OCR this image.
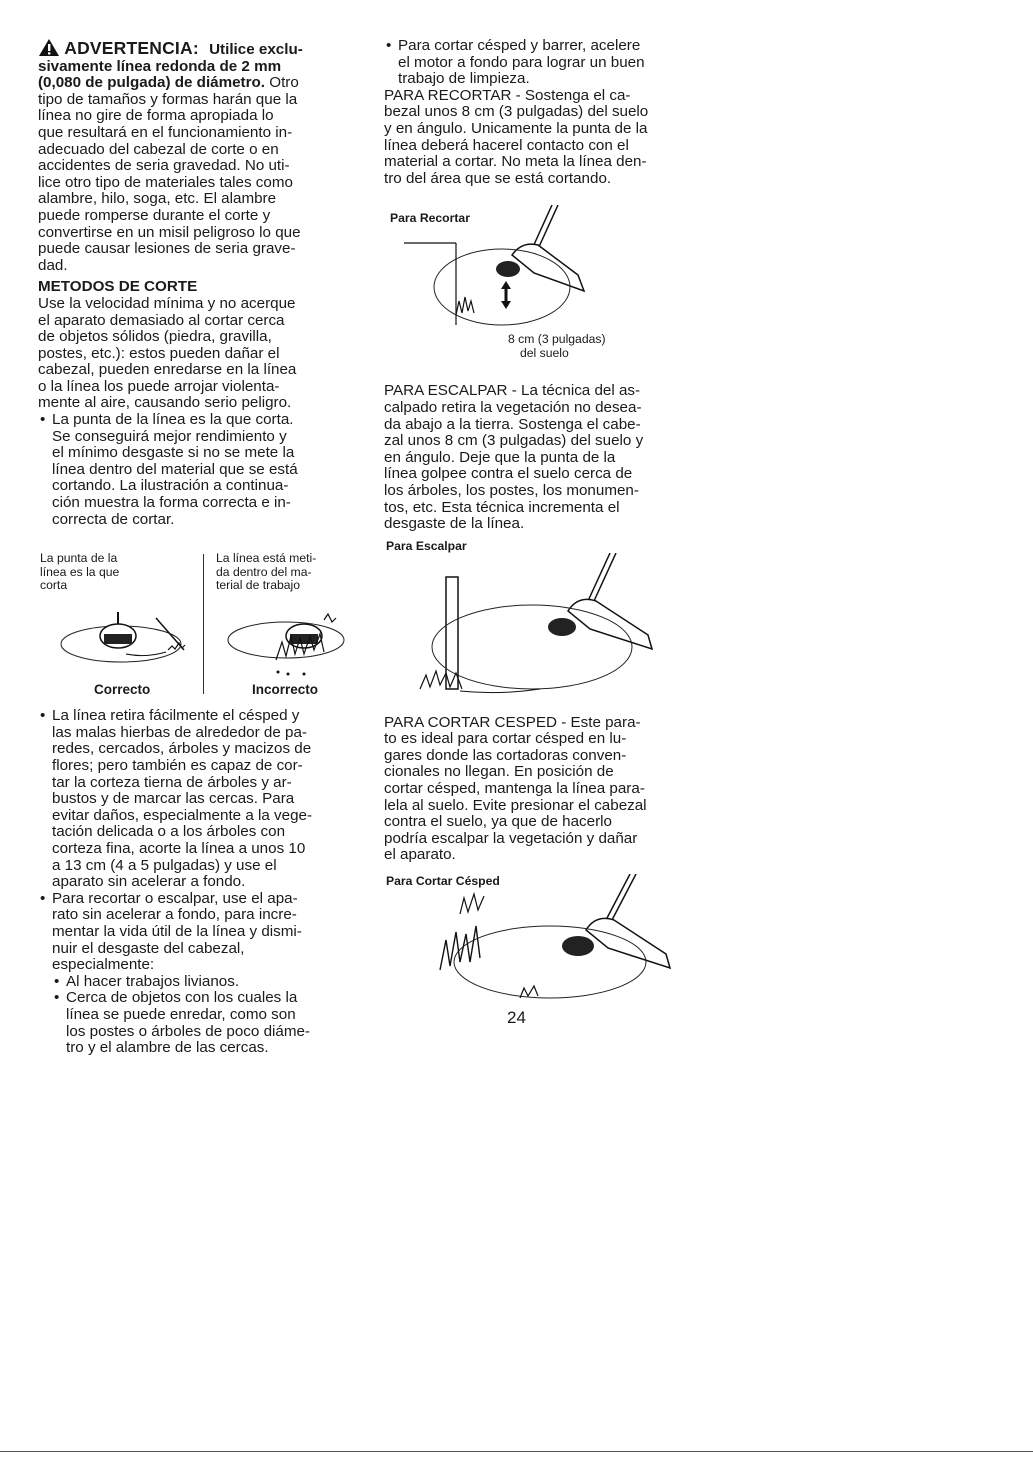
ADVERTENCIA: Utilice exclu-

sivamente línea redonda de 2 mm

(0,080 de pulgada) de diámetro. Otro

tipo de tamaños y formas harán que la

línea no gire de forma apropiada lo

que resultará en el funcionamiento in-

adecuado del cabezal de corte o en

accidentes de seria gravedad. No uti-

lice otro tipo de materiales tales como

alambre, hilo, soga, etc. El alambre

puede romperse durante el corte y

convertirse en un misil peligroso lo que

puede causar lesiones de seria grave-

dad.

METODOS DE CORTE

Use la velocidad mínima y no acerque

el aparato demasiado al cortar cerca

de objetos sólidos (piedra, gravilla,

postes, etc.): estos pueden dañar el

cabezal, pueden enredarse en la línea

o la línea los puede arrojar violenta-

mente al aire, causando serio peligro.

• La punta de la línea es la que corta.
Se conseguirá mejor rendimiento y
el mínimo desgaste si no se mete la
línea dentro del material que se está
cortando. La ilustración a continua-
ción muestra la forma correcta e in-
correcta de cortar.
La punta de la
línea es la que
corta
La línea está meti-
da dentro del ma-
terial de trabajo
Correcto	Incorrecto
• La línea retira fácilmente el césped y
las malas hierbas de alrededor de pa-
redes, cercados, árboles y macizos de
flores; pero también es capaz de cor-
tar la corteza tierna de árboles y ar-
bustos y de marcar las cercas. Para
evitar daños, especialmente a la vege-
tación delicada o a los árboles con
corteza fina, acorte la línea a unos 10
a 13 cm (4 a 5 pulgadas) y use el
aparato sin acelerar a fondo.
• Para recortar o escalpar, use el apa-
rato sin acelerar a fondo, para incre-
mentar la vida útil de la línea y dismi-
nuir el desgaste del cabezal,
especialmente:
• Al hacer trabajos livianos.
• Cerca de objetos con los cuales la
línea se puede enredar, como son
los postes o árboles de poco diáme-
tro y el alambre de las cercas.
• Para cortar césped y barrer, acelere
el motor a fondo para lograr un buen
trabajo de limpieza.

PARA RECORTAR - Sostenga el ca-

bezal unos 8 cm (3 pulgadas) del suelo

y en ángulo. Unicamente la punta de la

línea deberá hacerel contacto con el

material a cortar. No meta la línea den-

tro del área que se está cortando.

Para Recortar
8 cm (3 pulgadas)
del suelo

PARA ESCALPAR - La técnica del as-

calpado retira la vegetación no desea-

da abajo a la tierra. Sostenga el cabe-

zal unos 8 cm (3 pulgadas) del suelo y

en ángulo. Deje que la punta de la

línea golpee contra el suelo cerca de

los árboles, los postes, los monumen-

tos, etc. Esta técnica incrementa el

desgaste de la línea.

Para Escalpar

PARA CORTAR CESPED - Este para-

to es ideal para cortar césped en lu-

gares donde las cortadoras conven-

cionales no llegan. En posición de

cortar césped, mantenga la línea para-

lela al suelo. Evite presionar el cabezal

contra el suelo, ya que de hacerlo

podría escalpar la vegetación y dañar

el aparato.

Para Cortar Césped
24
